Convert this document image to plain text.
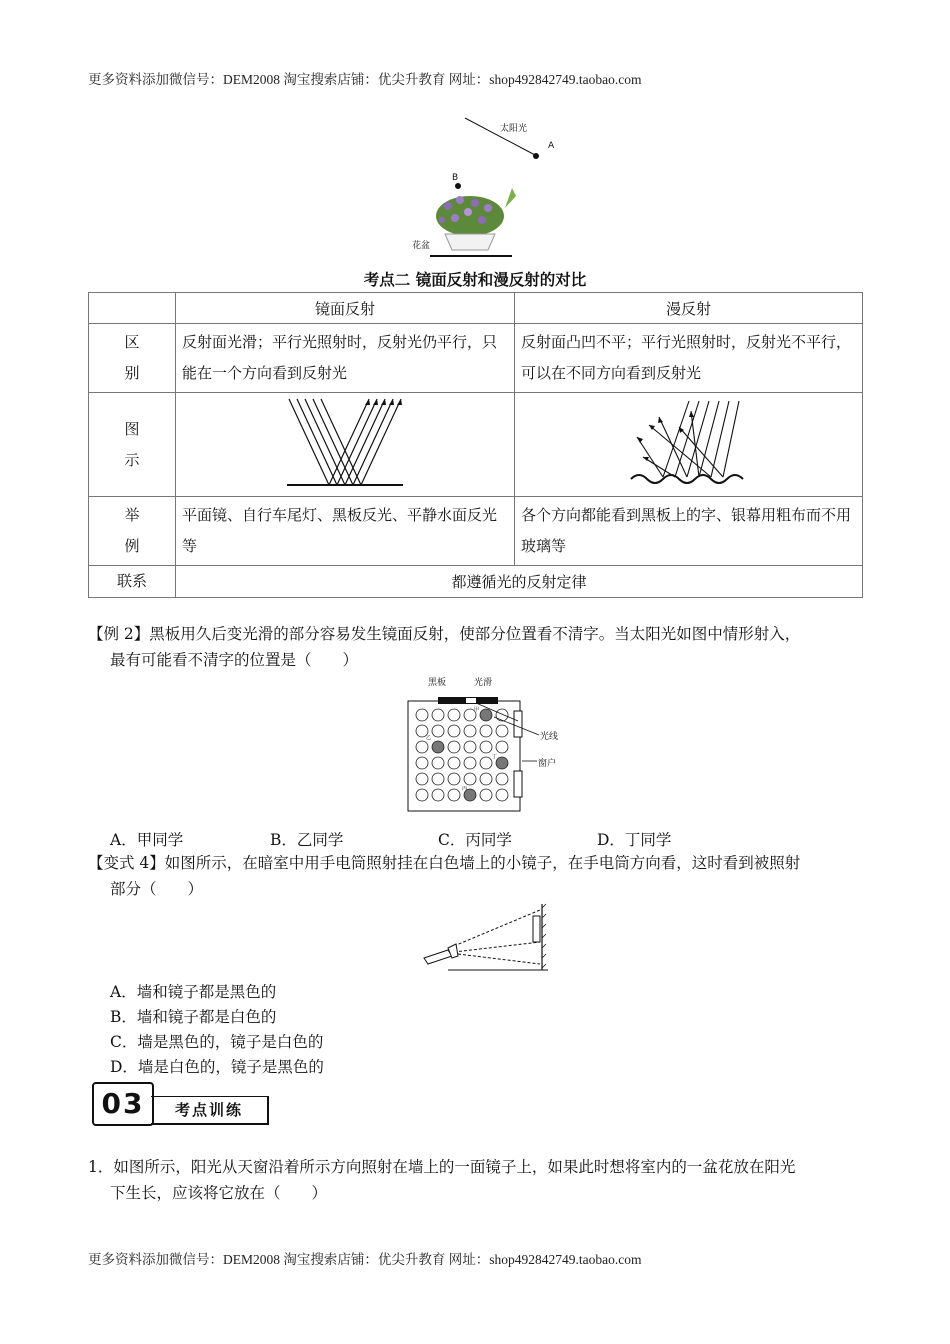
更多资料添加微信号：DEM2008 淘宝搜索店铺：优尖升教育 网址：shop492842749.taobao.com
太阳光
A
B
花盆
考点二 镜面反射和漫反射的对比
	镜面反射	漫反射

区
别	反射面光滑；平行光照射时，反射光仍平行，只能在一个方向看到反射光	反射面凸凹不平；平行光照射时，反射光不平行，可以在不同方向看到反射光

图
示

举
例	平面镜、自行车尾灯、黑板反光、平静水面反光等	各个方向都能看到黑板上的字、银幕用粗布而不用玻璃等
联系	都遵循光的反射定律	
【例 2】黑板用久后变光滑的部分容易发生镜面反射，使部分位置看不清字。当太阳光如图中情形射入，
最有可能看不清字的位置是（　　）
黑板	光滑
光线
窗户
甲
乙
丁
丙
A．甲同学	B．乙同学	C．丙同学	D．丁同学
【变式 4】如图所示，在暗室中用手电筒照射挂在白色墙上的小镜子，在手电筒方向看，这时看到被照射
部分（　　）
A．墙和镜子都是黑色的
B．墙和镜子都是白色的
C．墙是黑色的，镜子是白色的
D．墙是白色的，镜子是黑色的
03	考点训练
1．如图所示，阳光从天窗沿着所示方向照射在墙上的一面镜子上，如果此时想将室内的一盆花放在阳光
下生长，应该将它放在（　　）
更多资料添加微信号：DEM2008 淘宝搜索店铺：优尖升教育 网址：shop492842749.taobao.com
